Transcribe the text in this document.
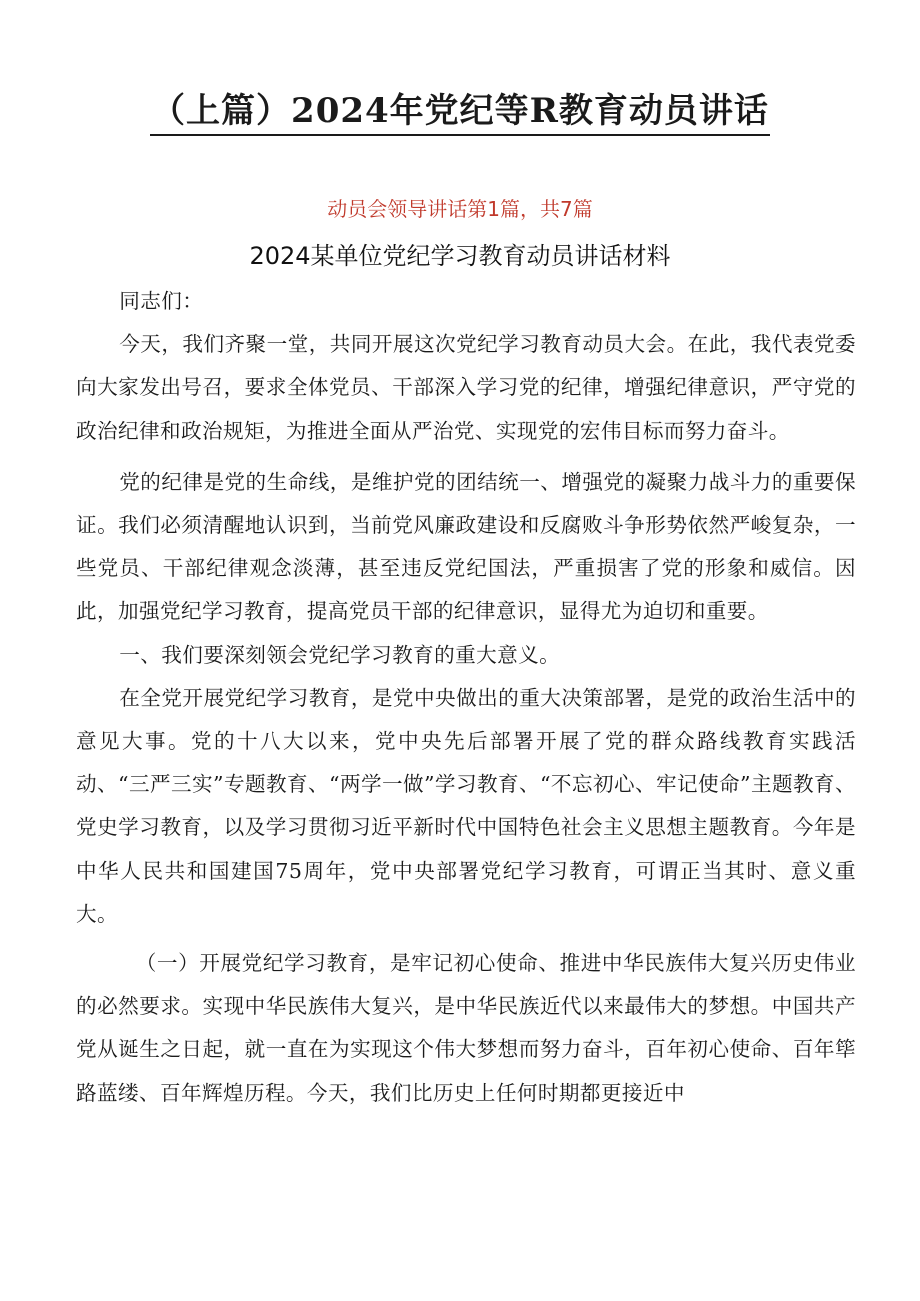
（上篇）2024年党纪等R教育动员讲话
动员会领导讲话第1篇，共7篇
2024某单位党纪学习教育动员讲话材料

同志们：

今天，我们齐聚一堂，共同开展这次党纪学习教育动员大会。在此，我代表党委向大家发出号召，要求全体党员、干部深入学习党的纪律，增强纪律意识，严守党的政治纪律和政治规矩，为推进全面从严治党、实现党的宏伟目标而努力奋斗。

党的纪律是党的生命线，是维护党的团结统一、增强党的凝聚力战斗力的重要保证。我们必须清醒地认识到，当前党风廉政建设和反腐败斗争形势依然严峻复杂，一些党员、干部纪律观念淡薄，甚至违反党纪国法，严重损害了党的形象和威信。因此，加强党纪学习教育，提高党员干部的纪律意识，显得尤为迫切和重要。

一、我们要深刻领会党纪学习教育的重大意义。

在全党开展党纪学习教育，是党中央做出的重大决策部署，是党的政治生活中的意见大事。党的十八大以来，党中央先后部署开展了党的群众路线教育实践活动、“三严三实”专题教育、“两学一做”学习教育、“不忘初心、牢记使命”主题教育、党史学习教育，以及学习贯彻习近平新时代中国特色社会主义思想主题教育。今年是中华人民共和国建国75周年，党中央部署党纪学习教育，可谓正当其时、意义重大。

（一）开展党纪学习教育，是牢记初心使命、推进中华民族伟大复兴历史伟业的必然要求。实现中华民族伟大复兴，是中华民族近代以来最伟大的梦想。中国共产党从诞生之日起，就一直在为实现这个伟大梦想而努力奋斗，百年初心使命、百年筚路蓝缕、百年辉煌历程。今天，我们比历史上任何时期都更接近中
